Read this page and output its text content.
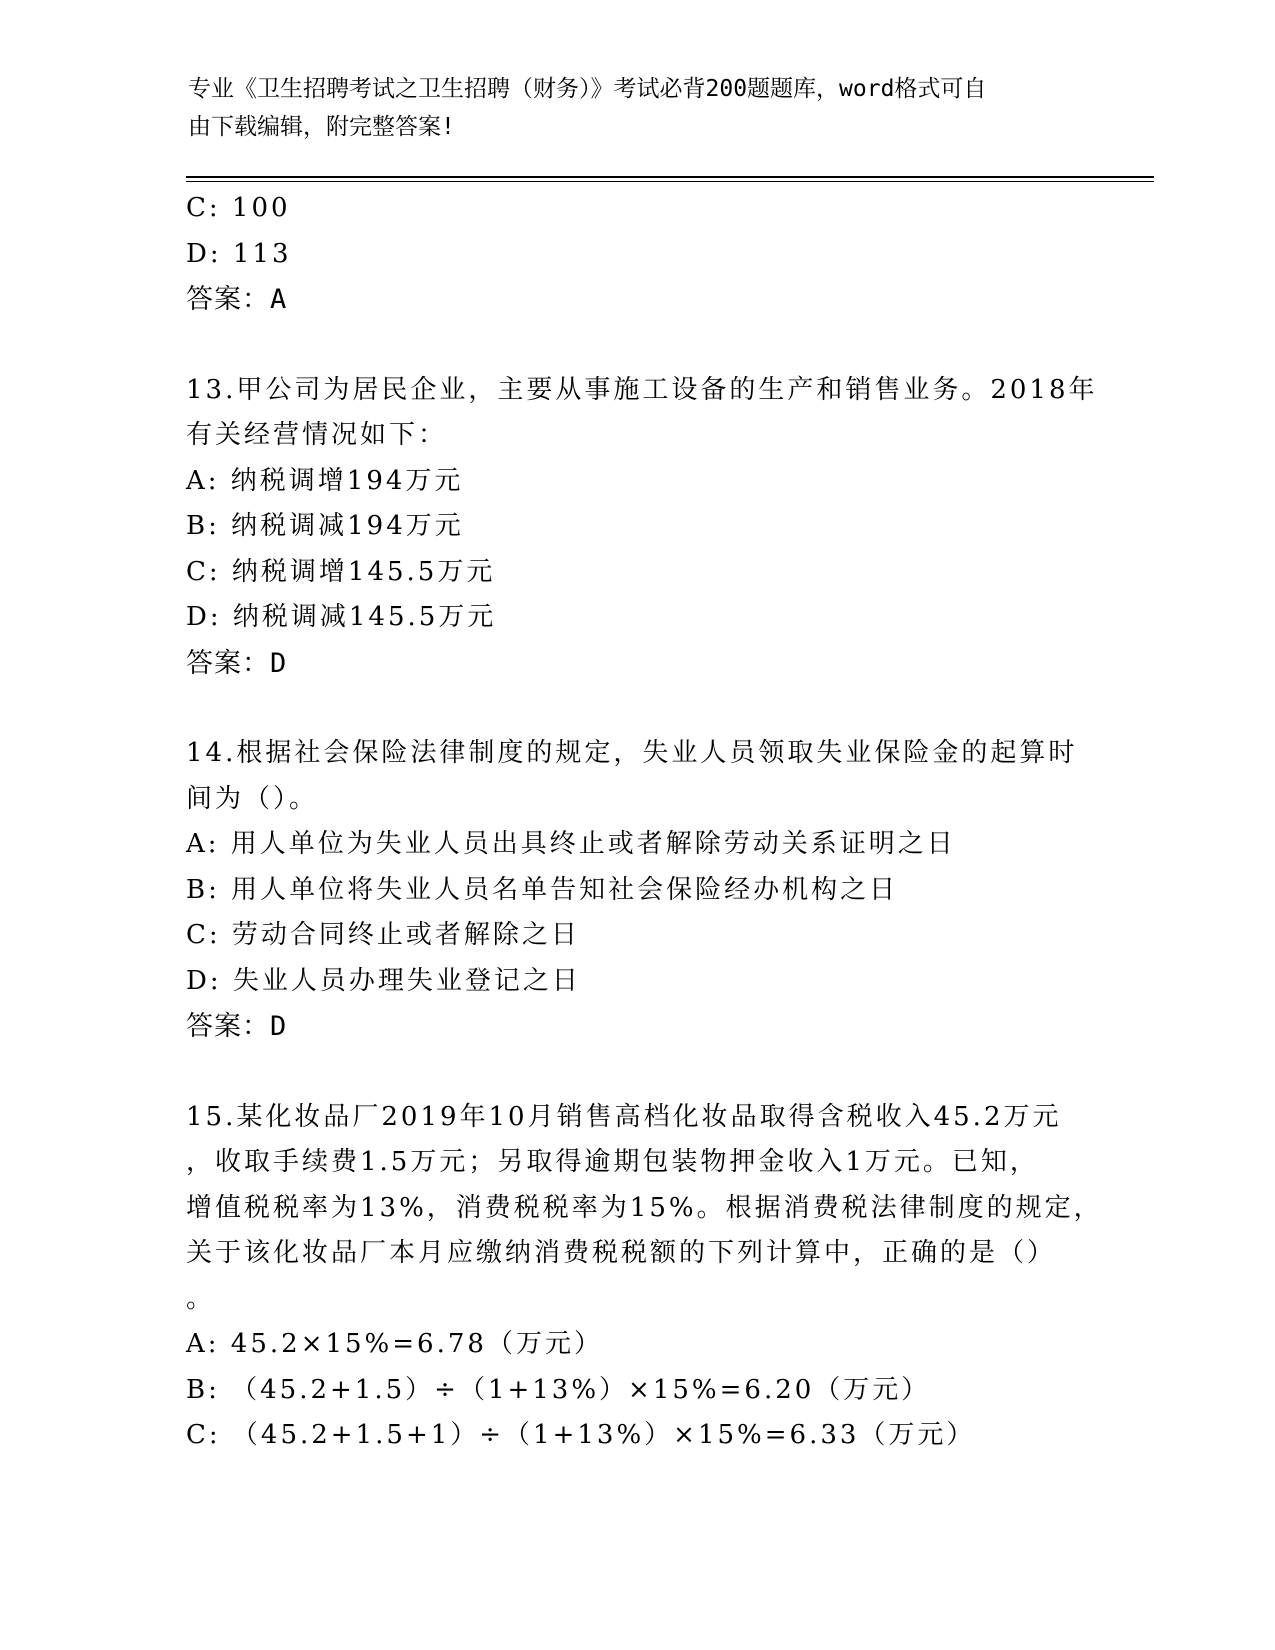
专业《卫生招聘考试之卫生招聘（财务）》考试必背200题题库，word格式可自
由下载编辑，附完整答案!
C: 100
D: 113
答案：A
13.甲公司为居民企业，主要从事施工设备的生产和销售业务。2018年
有关经营情况如下：
A: 纳税调增194万元
B: 纳税调减194万元
C: 纳税调增145.5万元
D: 纳税调减145.5万元
答案：D
14.根据社会保险法律制度的规定，失业人员领取失业保险金的起算时
间为（）。
A: 用人单位为失业人员出具终止或者解除劳动关系证明之日
B: 用人单位将失业人员名单告知社会保险经办机构之日
C: 劳动合同终止或者解除之日
D: 失业人员办理失业登记之日
答案：D
15.某化妆品厂2019年10月销售高档化妆品取得含税收入45.2万元
，收取手续费1.5万元；另取得逾期包装物押金收入1万元。已知，
增值税税率为13%，消费税税率为15%。根据消费税法律制度的规定，
关于该化妆品厂本月应缴纳消费税税额的下列计算中，正确的是（）
。
A: 45.2×15%=6.78（万元）
B: （45.2+1.5）÷（1+13%）×15%=6.20（万元）
C: （45.2+1.5+1）÷（1+13%）×15%=6.33（万元）
